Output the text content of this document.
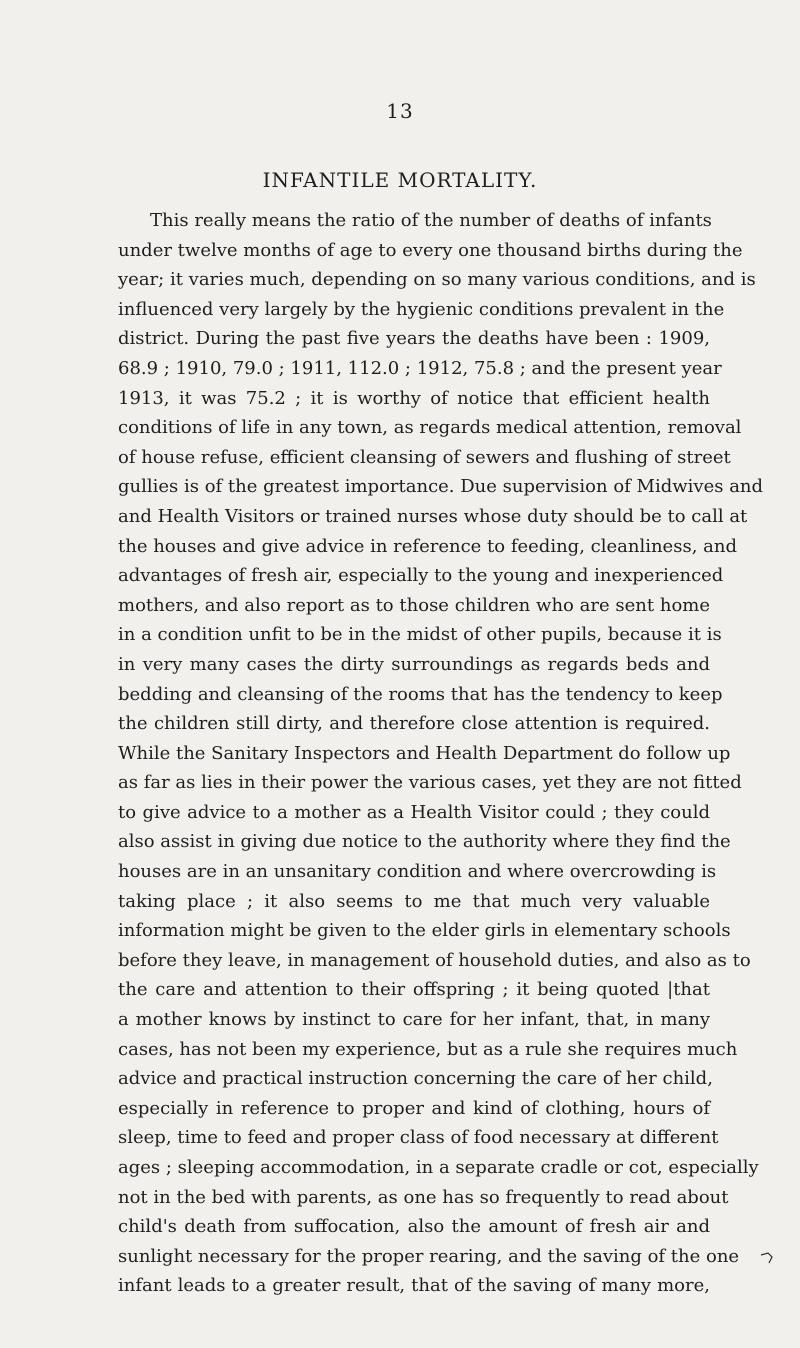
13
INFANTILE MORTALITY.
This really means the ratio of the number of deaths of infants
under twelve months of age to every one thousand births during the
year; it varies much, depending on so many various conditions, and is
influenced very largely by the hygienic conditions prevalent in the
district. During the past five years the deaths have been : 1909,
68.9 ; 1910, 79.0 ; 1911, 112.0 ; 1912, 75.8 ; and the present year
1913, it was 75.2 ; it is worthy of notice that efficient health
conditions of life in any town, as regards medical attention, removal
of house refuse, efficient cleansing of sewers and flushing of street
gullies is of the greatest importance. Due supervision of Midwives and
and Health Visitors or trained nurses whose duty should be to call at
the houses and give advice in reference to feeding, cleanliness, and
advantages of fresh air, especially to the young and inexperienced
mothers, and also report as to those children who are sent home
in a condition unfit to be in the midst of other pupils, because it is
in very many cases the dirty surroundings as regards beds and
bedding and cleansing of the rooms that has the tendency to keep
the children still dirty, and therefore close attention is required.
While the Sanitary Inspectors and Health Department do follow up
as far as lies in their power the various cases, yet they are not fitted
to give advice to a mother as a Health Visitor could ; they could
also assist in giving due notice to the authority where they find the
houses are in an unsanitary condition and where overcrowding is
taking place ; it also seems to me that much very valuable
information might be given to the elder girls in elementary schools
before they leave, in management of household duties, and also as to
the care and attention to their offspring ; it being quoted |that
a mother knows by instinct to care for her infant, that, in many
cases, has not been my experience, but as a rule she requires much
advice and practical instruction concerning the care of her child,
especially in reference to proper and kind of clothing, hours of
sleep, time to feed and proper class of food necessary at different
ages ; sleeping accommodation, in a separate cradle or cot, especially
not in the bed with parents, as one has so frequently to read about
child's death from suffocation, also the amount of fresh air and
sunlight necessary for the proper rearing, and the saving of the one
infant leads to a greater result, that of the saving of many more,
